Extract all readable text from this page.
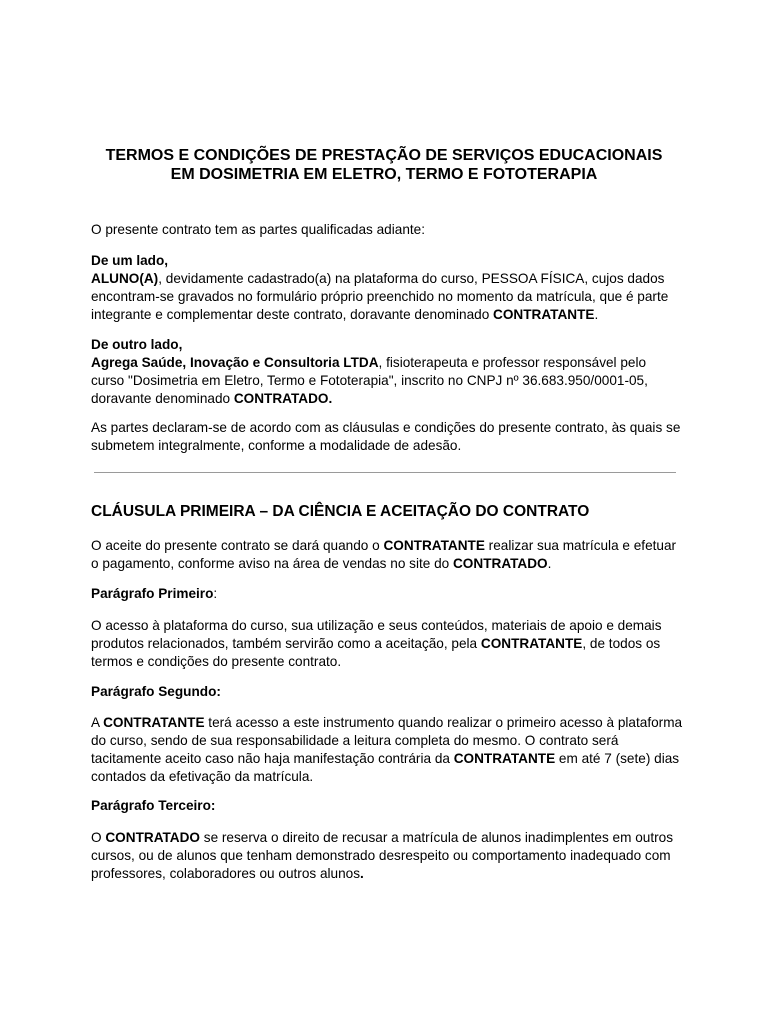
TERMOS E CONDIÇÕES DE PRESTAÇÃO DE SERVIÇOS EDUCACIONAIS
EM DOSIMETRIA EM ELETRO, TERMO E FOTOTERAPIA
O presente contrato tem as partes qualificadas adiante:
De um lado,
ALUNO(A), devidamente cadastrado(a) na plataforma do curso, PESSOA FÍSICA, cujos dados encontram-se gravados no formulário próprio preenchido no momento da matrícula, que é parte integrante e complementar deste contrato, doravante denominado CONTRATANTE.
De outro lado,
Agrega Saúde, Inovação e Consultoria LTDA, fisioterapeuta e professor responsável pelo curso "Dosimetria em Eletro, Termo e Fototerapia", inscrito no CNPJ nº 36.683.950/0001-05, doravante denominado CONTRATADO.
As partes declaram-se de acordo com as cláusulas e condições do presente contrato, às quais se submetem integralmente, conforme a modalidade de adesão.
CLÁUSULA PRIMEIRA – DA CIÊNCIA E ACEITAÇÃO DO CONTRATO
O aceite do presente contrato se dará quando o CONTRATANTE realizar sua matrícula e efetuar o pagamento, conforme aviso na área de vendas no site do CONTRATADO.
Parágrafo Primeiro:
O acesso à plataforma do curso, sua utilização e seus conteúdos, materiais de apoio e demais produtos relacionados, também servirão como a aceitação, pela CONTRATANTE, de todos os termos e condições do presente contrato.
Parágrafo Segundo:
A CONTRATANTE terá acesso a este instrumento quando realizar o primeiro acesso à plataforma do curso, sendo de sua responsabilidade a leitura completa do mesmo. O contrato será tacitamente aceito caso não haja manifestação contrária da CONTRATANTE em até 7 (sete) dias contados da efetivação da matrícula.
Parágrafo Terceiro:
O CONTRATADO se reserva o direito de recusar a matrícula de alunos inadimplentes em outros cursos, ou de alunos que tenham demonstrado desrespeito ou comportamento inadequado com professores, colaboradores ou outros alunos.
